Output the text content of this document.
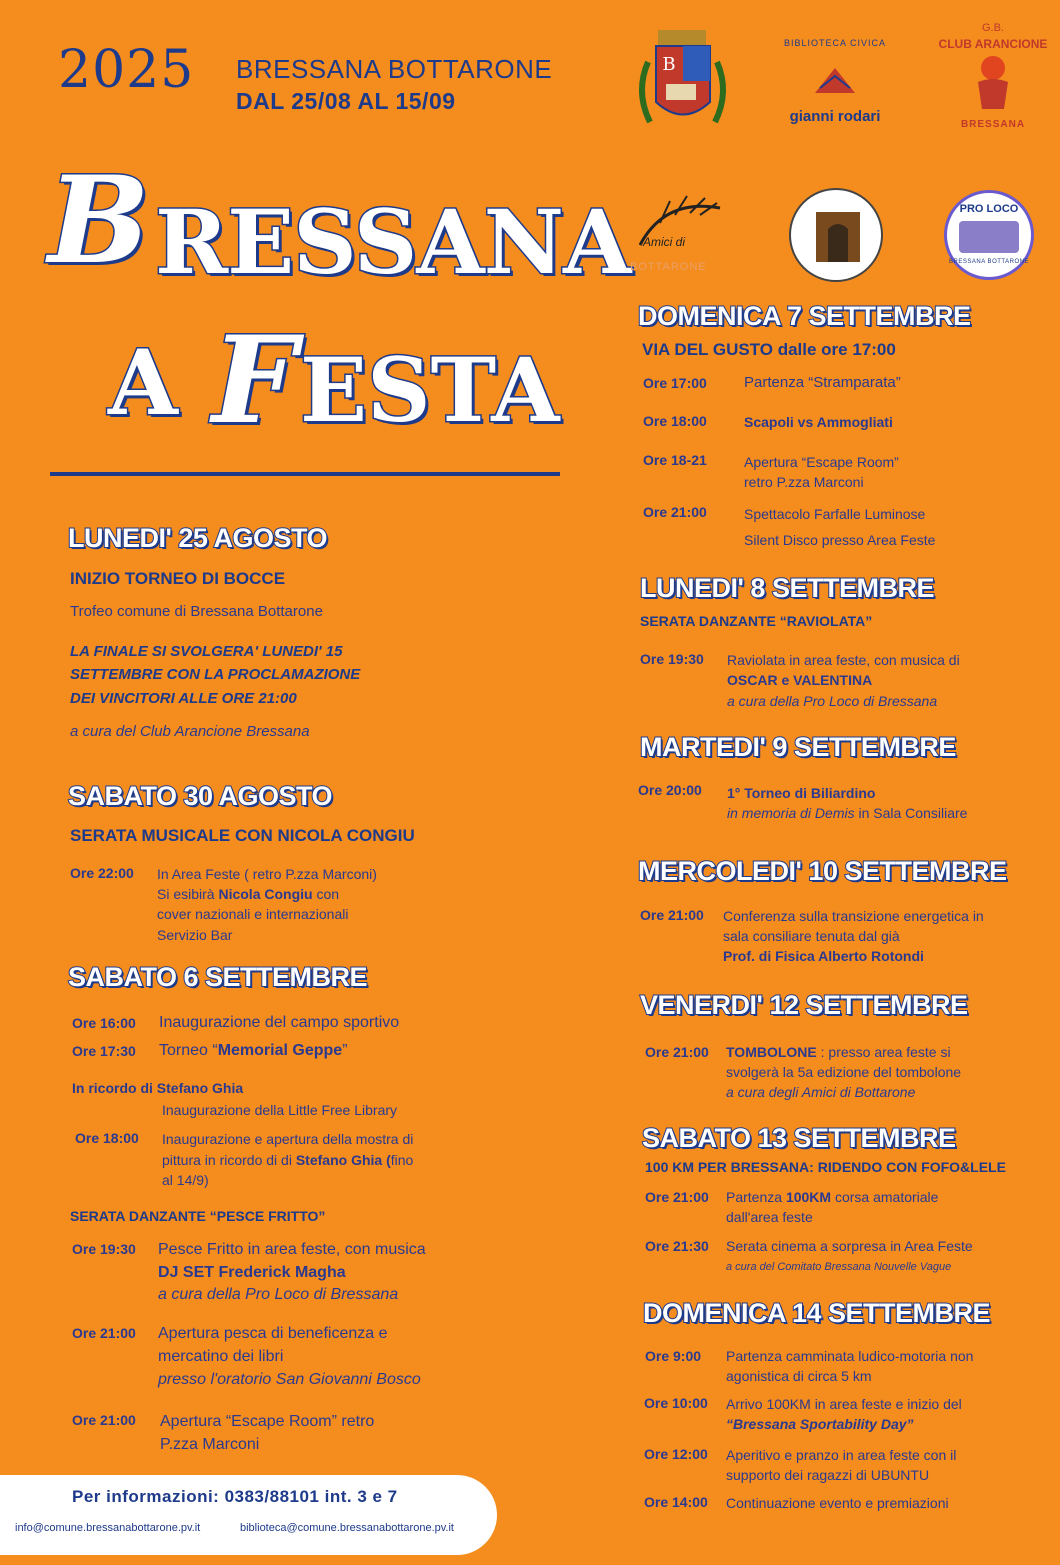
2025 BRESSANA BOTTARONE
DAL 25/08 AL 15/09
B RESSANA
A F ESTA
B
BIBLIOTECA CIVICA
gianni rodari
G.B.
CLUB ARANCIONE
BRESSANA
Amici di
BOTTARONE
PRO LOCO
BRESSANA BOTTARONE
LUNEDI' 25 AGOSTO
INIZIO TORNEO DI BOCCE
Trofeo comune di Bressana Bottarone
LA FINALE SI SVOLGERA' LUNEDI' 15
SETTEMBRE CON LA PROCLAMAZIONE
DEI VINCITORI ALLE ORE 21:00
a cura del Club Arancione Bressana
SABATO 30 AGOSTO
SERATA MUSICALE CON NICOLA CONGIU
Ore 22:00 In Area Feste ( retro P.zza Marconi)
Si esibirà Nicola Congiu con
cover nazionali e internazionali
Servizio Bar
SABATO 6 SETTEMBRE
Ore 16:00 Inaugurazione del campo sportivo
Ore 17:30 Torneo “Memorial Geppe”
In ricordo di Stefano Ghia
Inaugurazione della Little Free Library
Ore 18:00 Inaugurazione e apertura della mostra di
pittura in ricordo di di Stefano Ghia (fino
al 14/9)
SERATA DANZANTE “PESCE FRITTO”
Ore 19:30 Pesce Fritto in area feste, con musica
DJ SET Frederick Magha
a cura della Pro Loco di Bressana
Ore 21:00 Apertura pesca di beneficenza e
mercatino dei libri
presso l'oratorio San Giovanni Bosco
Ore 21:00 Apertura “Escape Room” retro
P.zza Marconi
DOMENICA 7 SETTEMBRE
VIA DEL GUSTO dalle ore 17:00
Ore 17:00 Partenza “Stramparata”
Ore 18:00	Scapoli vs Ammogliati
Ore 18-21	Apertura “Escape Room”
retro P.zza Marconi
Ore 21:00	Spettacolo Farfalle Luminose
Silent Disco presso Area Feste
LUNEDI' 8 SETTEMBRE
SERATA DANZANTE “RAVIOLATA”
Ore 19:30 Raviolata in area feste, con musica di
OSCAR e VALENTINA
a cura della Pro Loco di Bressana
MARTEDI' 9 SETTEMBRE
Ore 20:00 1° Torneo di Biliardino
in memoria di Demis in Sala Consiliare
MERCOLEDI' 10 SETTEMBRE
Ore 21:00 Conferenza sulla transizione energetica in
sala consiliare tenuta dal già
Prof. di Fisica Alberto Rotondi
VENERDI' 12 SETTEMBRE
Ore 21:00 TOMBOLONE : presso area feste si
svolgerà la 5a edizione del tombolone
a cura degli Amici di Bottarone
SABATO 13 SETTEMBRE
100 KM PER BRESSANA: RIDENDO CON FOFO&LELE
Ore 21:00 Partenza 100KM corsa amatoriale
dall'area feste
Ore 21:30 Serata cinema a sorpresa in Area Feste
a cura del Comitato Bressana Nouvelle Vague
DOMENICA 14 SETTEMBRE
Ore 9:00 Partenza camminata ludico-motoria non
agonistica di circa 5 km
Ore 10:00 Arrivo 100KM in area feste e inizio del
“Bressana Sportability Day”
Ore 12:00 Aperitivo e pranzo in area feste con il
supporto dei ragazzi di UBUNTU
Ore 14:00 Continuazione evento e premiazioni
Per informazioni: 0383/88101 int. 3 e 7
info@comune.bressanabottarone.pv.it	biblioteca@comune.bressanabottarone.pv.it
